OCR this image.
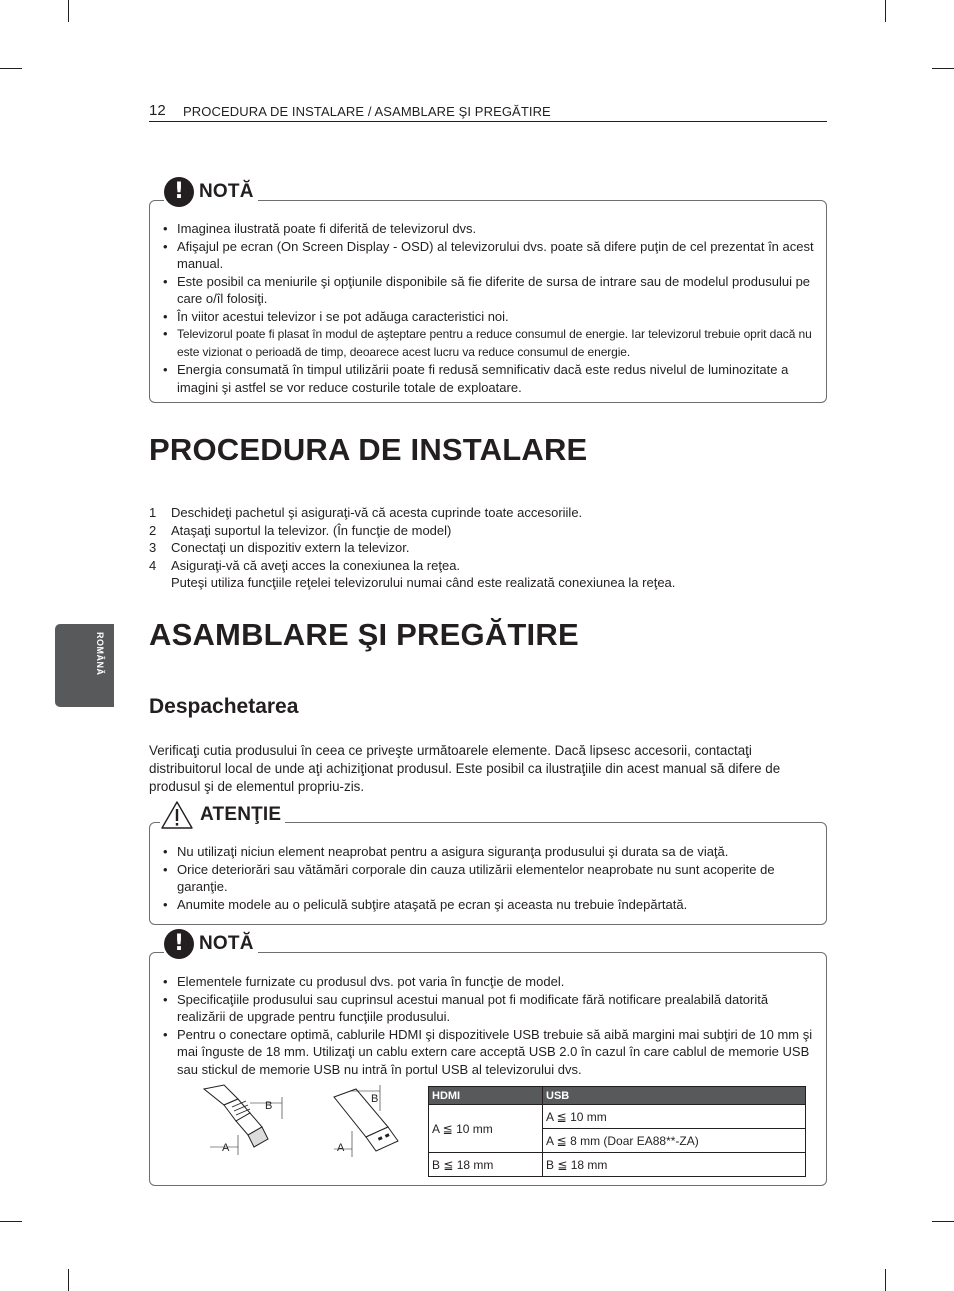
12 PROCEDURA DE INSTALARE / ASAMBLARE ŞI PREGĂTIRE
ROMÂNĂ
! NOTĂ
• Imaginea ilustrată poate fi diferită de televizorul dvs.
• Afişajul pe ecran (On Screen Display - OSD) al televizorului dvs. poate să difere puţin de cel prezentat în acest manual.
• Este posibil ca meniurile şi opţiunile disponibile să fie diferite de sursa de intrare sau de modelul produsului pe care o/îl folosiţi.
• În viitor acestui televizor i se pot adăuga caracteristici noi.
• Televizorul poate fi plasat în modul de aşteptare pentru a reduce consumul de energie. Iar televizorul trebuie oprit dacă nu este vizionat o perioadă de timp, deoarece acest lucru va reduce consumul de energie.
• Energia consumată în timpul utilizării poate fi redusă semnificativ dacă este redus nivelul de luminozitate a imagini şi astfel se vor reduce costurile totale de exploatare.
PROCEDURA DE INSTALARE
1 Deschideţi pachetul şi asiguraţi-vă că acesta cuprinde toate accesoriile.
2 Ataşaţi suportul la televizor. (În funcţie de model)
3 Conectaţi un dispozitiv extern la televizor.
4 Asiguraţi-vă că aveţi acces la conexiunea la reţea.
Puteşi utiliza funcţiile reţelei televizorului numai când este realizată conexiunea la reţea.
ASAMBLARE ŞI PREGĂTIRE
Despachetarea

Verificaţi cutia produsului în ceea ce priveşte următoarele elemente. Dacă lipsesc accesorii, contactaţi distribuitorul local de unde aţi achiziţionat produsul. Este posibil ca ilustraţiile din acest manual să difere de produsul şi de elementul propriu-zis.

ATENŢIE
• Nu utilizaţi niciun element neaprobat pentru a asigura siguranţa produsului şi durata sa de viaţă.
• Orice deteriorări sau vătămări corporale din cauza utilizării elementelor neaprobate nu sunt acoperite de garanţie.
• Anumite modele au o peliculă subţire ataşată pe ecran şi aceasta nu trebuie îndepărtată.
! NOTĂ
• Elementele furnizate cu produsul dvs. pot varia în funcţie de model.
• Specificaţiile produsului sau cuprinsul acestui manual pot fi modificate fără notificare prealabilă datorită realizării de upgrade pentru funcţiile produsului.
• Pentru o conectare optimă, cablurile HDMI şi dispozitivele USB trebuie să aibă margini mai subţiri de 10 mm şi mai înguste de 18 mm. Utilizaţi un cablu extern care acceptă USB 2.0 în cazul în care cablul de memorie USB sau stickul de memorie USB nu intră în portul USB al televizorului dvs.
B
A
B
A
HDMI	USB
A ≦ 10 mm	A ≦ 10 mm
	A ≦ 8 mm (Doar EA88**-ZA)
B ≦ 18 mm	B ≦ 18 mm
